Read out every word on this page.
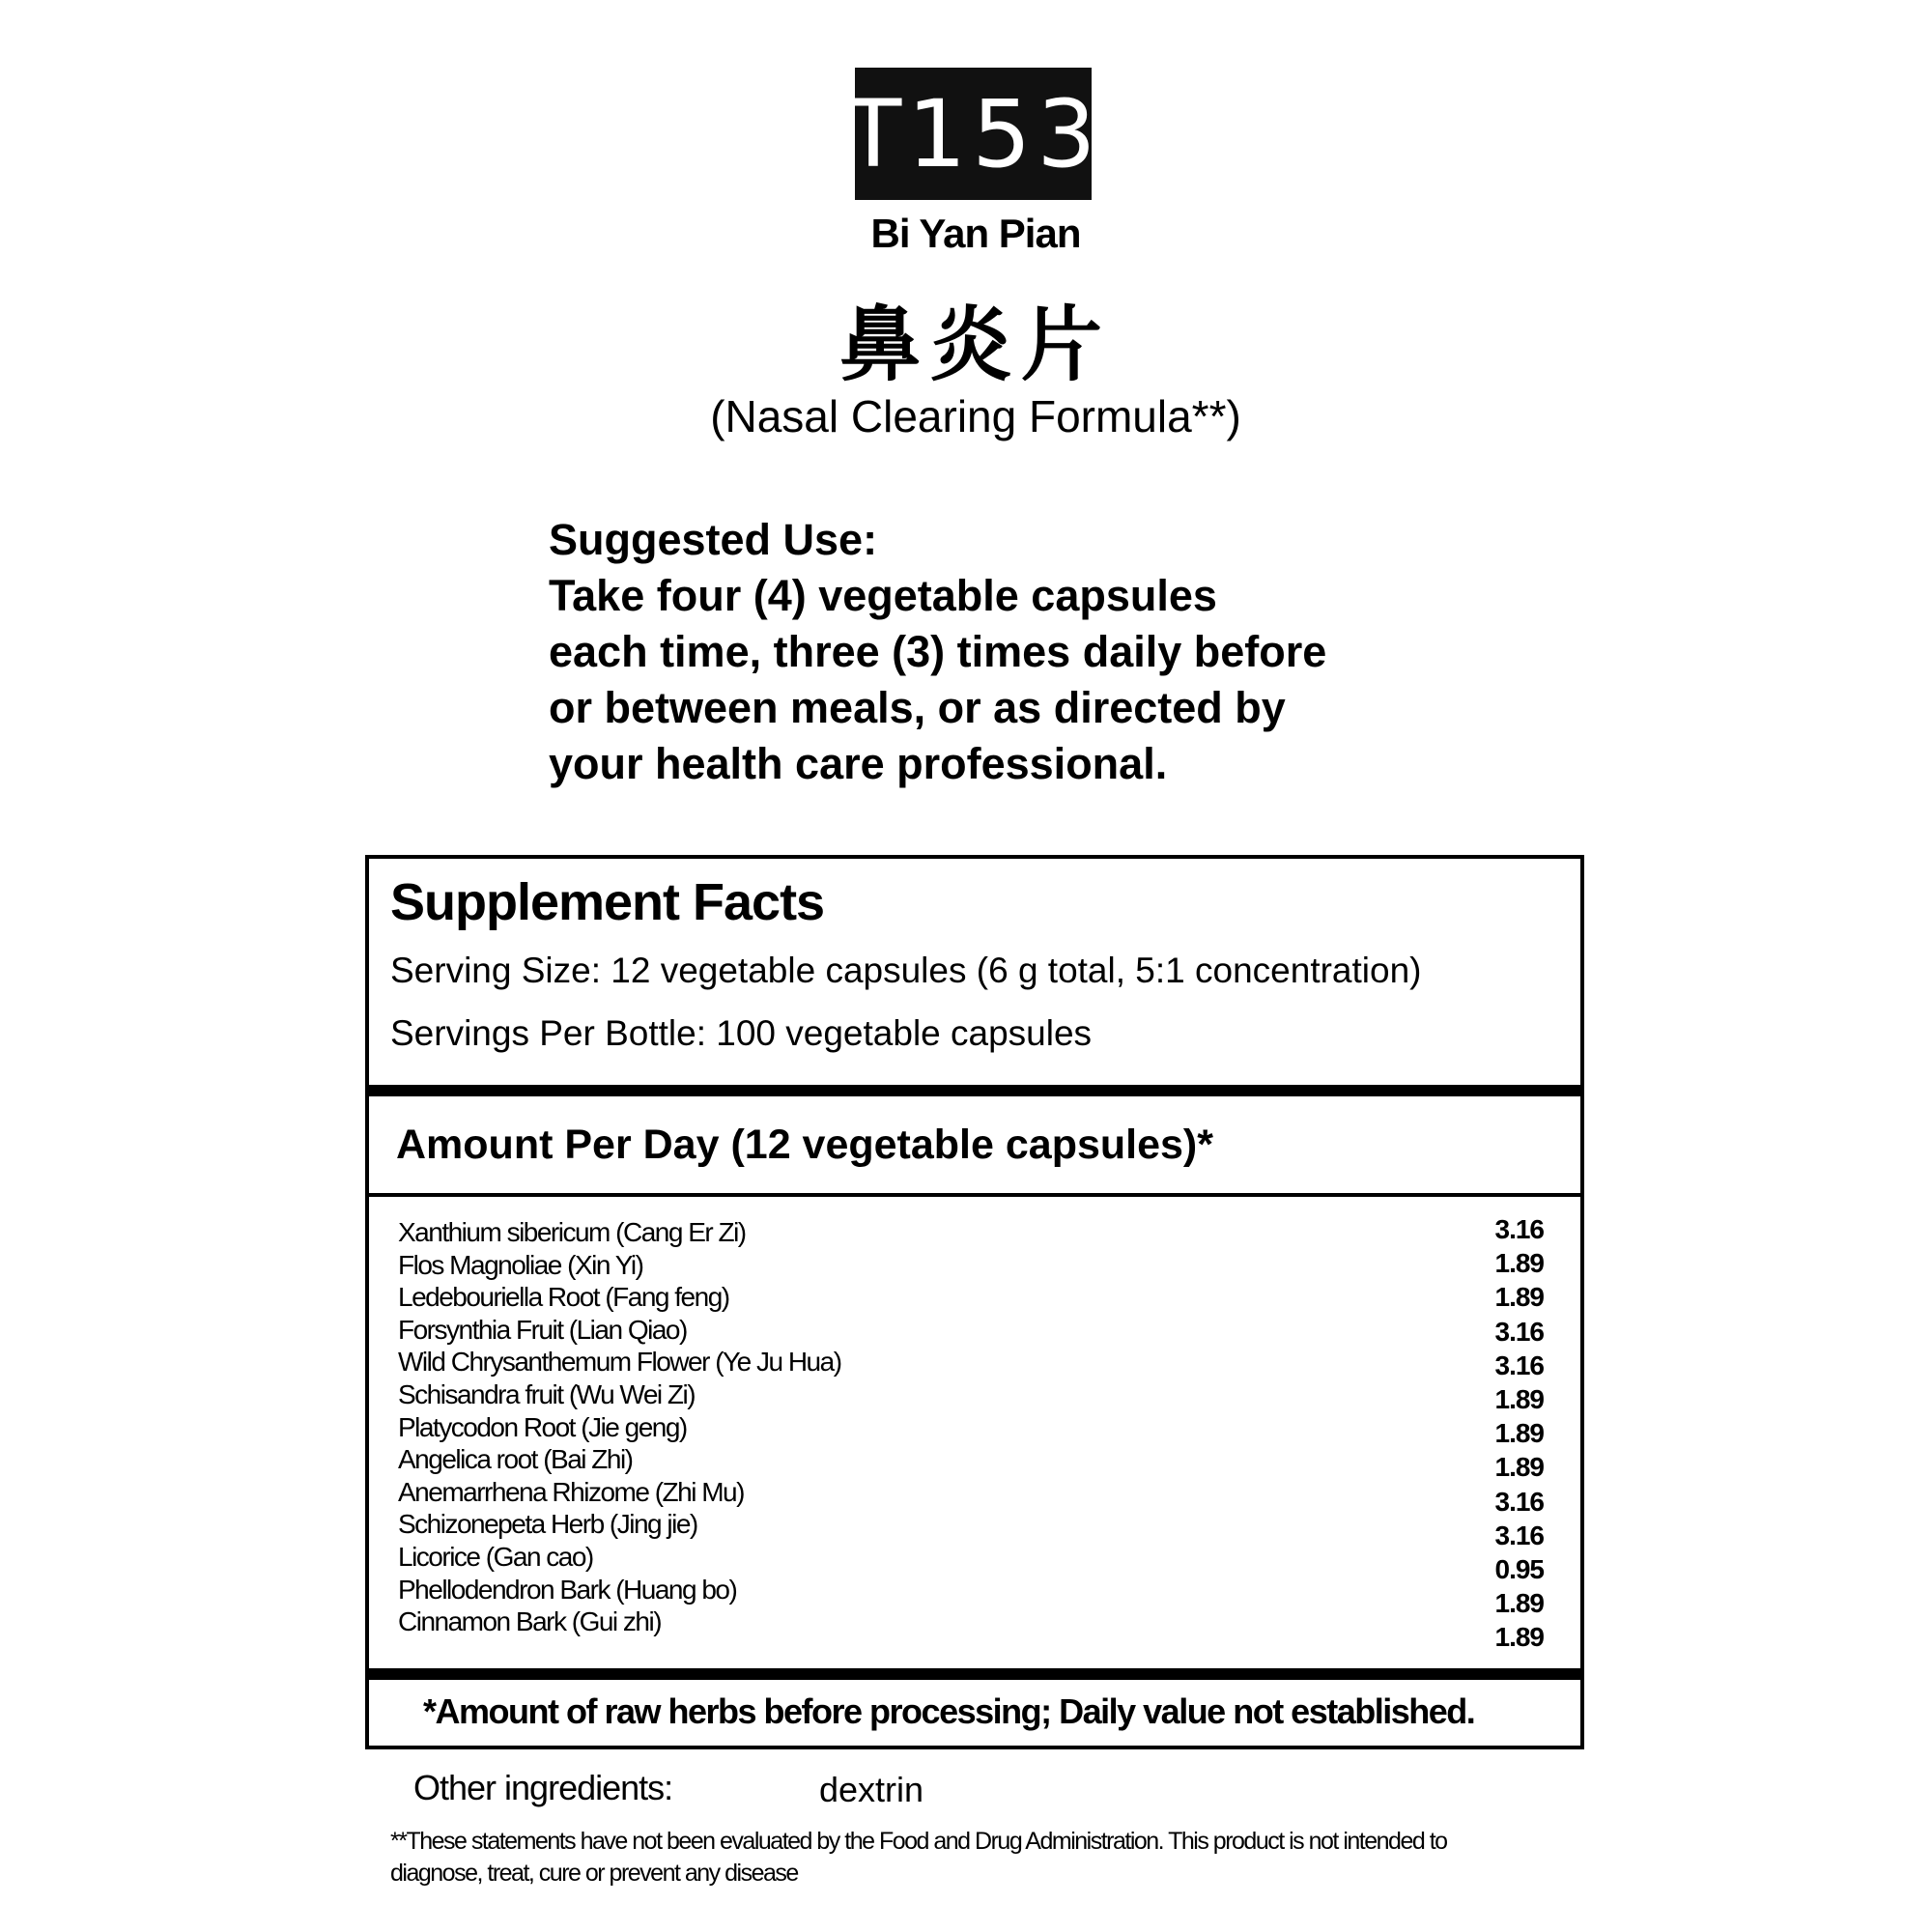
T153
Bi Yan Pian
鼻炎片
(Nasal Clearing Formula**)
Suggested Use:
Take four (4) vegetable capsules
each time, three (3) times daily before
or between meals, or as directed by
your health care professional.
Supplement Facts
Serving Size: 12 vegetable capsules (6 g total, 5:1 concentration)
Servings Per Bottle: 100 vegetable capsules
Amount Per Day (12 vegetable capsules)*
Xanthium sibericum (Cang Er Zi)
Flos Magnoliae (Xin Yi)
Ledebouriella Root (Fang feng)
Forsynthia Fruit (Lian Qiao)
Wild Chrysanthemum Flower (Ye Ju Hua)
Schisandra fruit (Wu Wei Zi)
Platycodon Root (Jie geng)
Angelica root (Bai Zhi)
Anemarrhena Rhizome (Zhi Mu)
Schizonepeta Herb (Jing jie)
Licorice (Gan cao)
Phellodendron Bark (Huang bo)
Cinnamon Bark (Gui zhi)
3.16
1.89
1.89
3.16
3.16
1.89
1.89
1.89
3.16
3.16
0.95
1.89
1.89
*Amount of raw herbs before processing; Daily value not established.
Other ingredients:	dextrin
**These statements have not been evaluated by the Food and Drug Administration. This product is not intended to diagnose, treat, cure or prevent any disease
